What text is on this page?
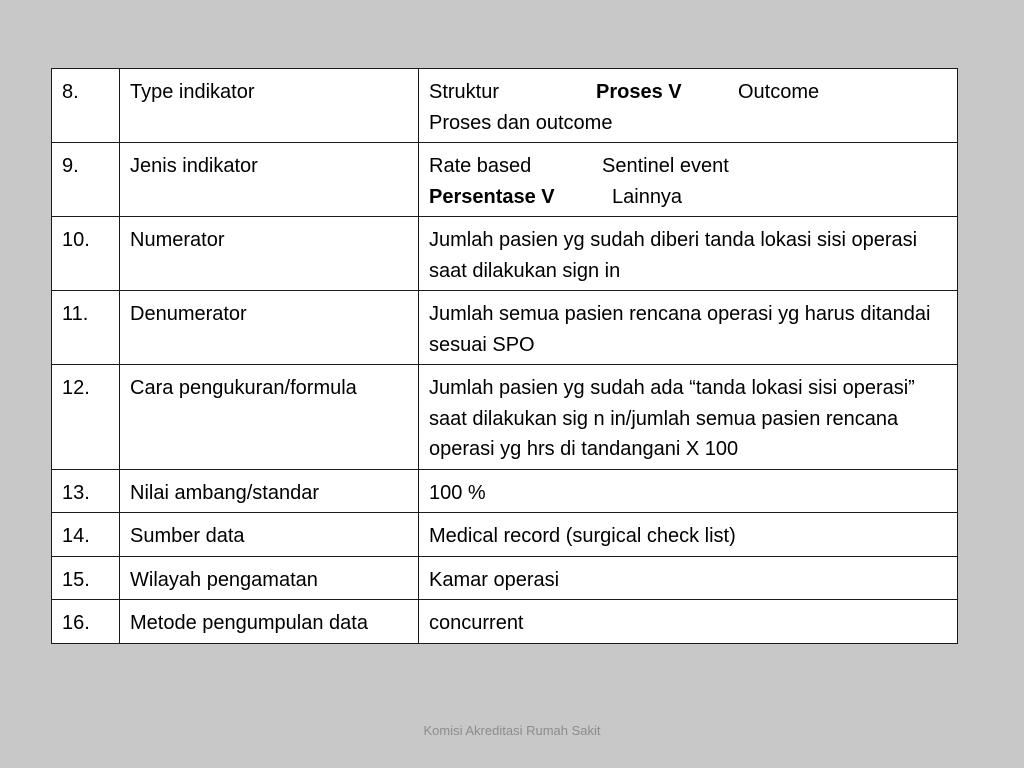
8.	Type indikator	Struktur Proses V Outcome
Proses dan outcome

9.	Jenis indikator	Rate based Sentinel event
Persentase V Lainnya

10.	Numerator	Jumlah pasien yg sudah diberi tanda lokasi sisi operasi saat dilakukan sign in
11.	Denumerator	Jumlah semua pasien rencana operasi yg harus ditandai sesuai SPO
12.	Cara pengukuran/formula	Jumlah pasien yg sudah ada “tanda lokasi sisi operasi” saat dilakukan sig n in/jumlah semua pasien rencana operasi yg hrs di tandangani X 100
13.	Nilai ambang/standar	100 %
14.	Sumber data	Medical record (surgical check list)
15.	Wilayah pengamatan	Kamar operasi
16.	Metode pengumpulan data	concurrent
Komisi Akreditasi Rumah Sakit
